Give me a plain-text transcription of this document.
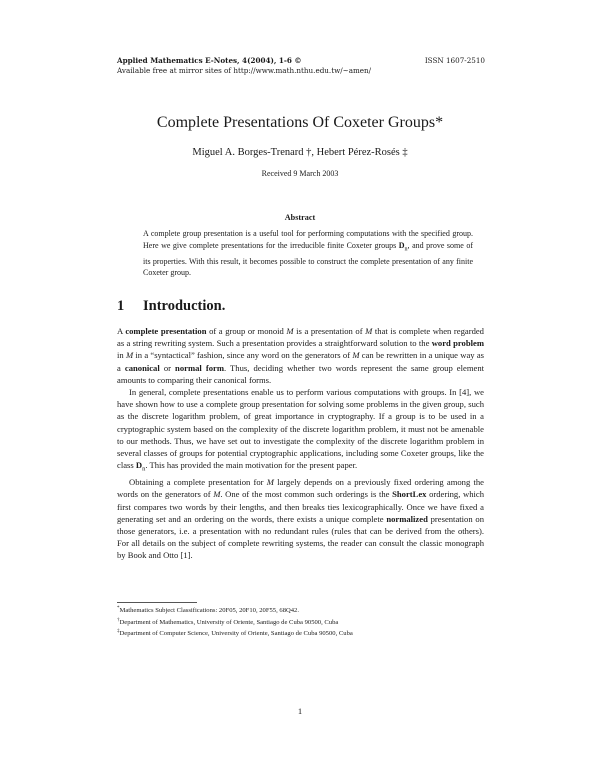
Applied Mathematics E-Notes, 4(2004), 1-6 ©
Available free at mirror sites of http://www.math.nthu.edu.tw/~amen/
ISSN 1607-2510
Complete Presentations Of Coxeter Groups*
Miguel A. Borges-Trenard †, Hebert Pérez-Rosés ‡
Received 9 March 2003
Abstract
A complete group presentation is a useful tool for performing computations with the specified group. Here we give complete presentations for the irreducible finite Coxeter groups $D_n$, and prove some of its properties. With this result, it becomes possible to construct the complete presentation of any finite Coxeter group.
1 Introduction.

A complete presentation of a group or monoid M is a presentation of M that is complete when regarded as a string rewriting system. Such a presentation provides a straightforward solution to the word problem in M in a “syntactical” fashion, since any word on the generators of M can be rewritten in a unique way as a canonical or normal form. Thus, deciding whether two words represent the same group element amounts to comparing their canonical forms.

In general, complete presentations enable us to perform various computations with groups. In [4], we have shown how to use a complete group presentation for solving some problems in the given group, such as the discrete logarithm problem, of great importance in cryptography. If a group is to be used in a cryptographic system based on the complexity of the discrete logarithm problem, it must not be amenable to our methods. Thus, we have set out to investigate the complexity of the discrete logarithm problem in several classes of groups for potential cryptographic applications, including some Coxeter groups, like the class $D_n$. This has provided the main motivation for the present paper.

Obtaining a complete presentation for M largely depends on a previously fixed ordering among the words on the generators of M. One of the most common such orderings is the ShortLex ordering, which first compares two words by their lengths, and then breaks ties lexicographically. Once we have fixed a generating set and an ordering on the words, there exists a unique complete normalized presentation on those generators, i.e. a presentation with no redundant rules (rules that can be derived from the others). For all details on the subject of complete rewriting systems, the reader can consult the classic monograph by Book and Otto [1].

*Mathematics Subject Classifications: 20F05, 20F10, 20F55, 68Q42.
†Department of Mathematics, University of Oriente, Santiago de Cuba 90500, Cuba
‡Department of Computer Science, University of Oriente, Santiago de Cuba 90500, Cuba
1
